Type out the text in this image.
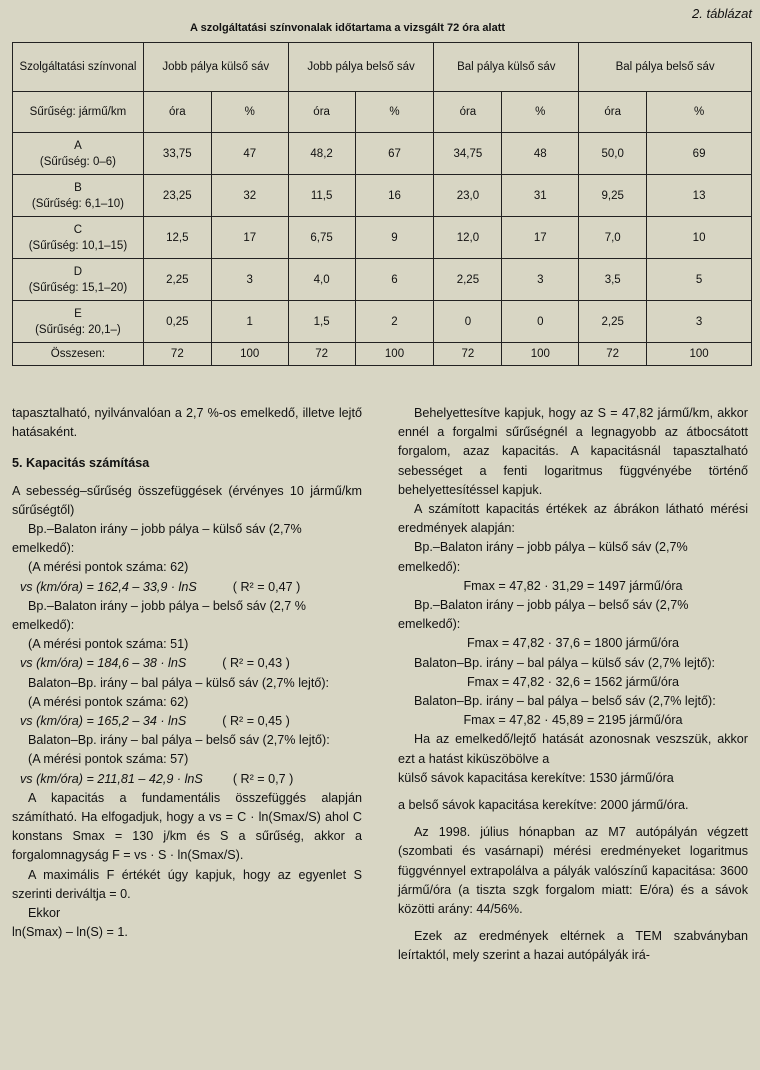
2. táblázat
A szolgáltatási színvonalak időtartama a vizsgált 72 óra alatt
Szolgáltatási színvonal	Jobb pálya külső sáv		Jobb pálya belső sáv		Bal pálya külső sáv		Bal pálya belső sáv	
Sűrűség: jármű/km	óra	%	óra	%	óra	%	óra	%

A
(Sűrűség: 0–6)	33,75	47	48,2	67	34,75	48	50,0	69

B
(Sűrűség: 6,1–10)	23,25	32	11,5	16	23,0	31	9,25	13

C
(Sűrűség: 10,1–15)	12,5	17	6,75	9	12,0	17	7,0	10

D
(Sűrűség: 15,1–20)	2,25	3	4,0	6	2,25	3	3,5	5

E
(Sűrűség: 20,1–)	0,25	1	1,5	2	0	0	2,25	3
Összesen:	72	100	72	100	72	100	72	100

tapasztalható, nyilvánvalóan a 2,7 %-os emelkedő, illetve lejtő hatásaként.

5. Kapacitás számítása

A sebesség–sűrűség összefüggések (érvényes 10 jármű/km sűrűségtől)

Bp.–Balaton irány – jobb pálya – külső sáv (2,7% emelkedő):

(A mérési pontok száma: 62)

vs (km/óra) = 162,4 – 33,9 · lnS	( R² = 0,47 )

Bp.–Balaton irány – jobb pálya – belső sáv (2,7 % emelkedő):

(A mérési pontok száma: 51)

vs (km/óra) = 184,6 – 38 · lnS	( R² = 0,43 )

Balaton–Bp. irány – bal pálya – külső sáv (2,7% lejtő):

(A mérési pontok száma: 62)

vs (km/óra) = 165,2 – 34 · lnS	( R² = 0,45 )

Balaton–Bp. irány – bal pálya – belső sáv (2,7% lejtő):

(A mérési pontok száma: 57)

vs (km/óra) = 211,81 – 42,9 · lnS ( R² = 0,7 )

A kapacitás a fundamentális összefüggés alapján számítható. Ha elfogadjuk, hogy a vs = C · ln(Smax/S) ahol C konstans Smax = 130 j/km és S a sűrűség, akkor a forgalomnagyság F = vs · S · ln(Smax/S).

A maximális F értékét úgy kapjuk, hogy az egyenlet S szerinti deriváltja = 0.

Ekkor

ln(Smax) – ln(S) = 1.

Behelyettesítve kapjuk, hogy az S = 47,82 jármű/km, akkor ennél a forgalmi sűrűségnél a legnagyobb az átbocsátott forgalom, azaz kapacitás. A kapacitásnál tapasztalható sebességet a fenti logaritmus függvényébe történő behelyettesítéssel kapjuk.

A számított kapacitás értékek az ábrákon látható mérési eredmények alapján:

Bp.–Balaton irány – jobb pálya – külső sáv (2,7% emelkedő):

Fmax = 47,82 · 31,29 = 1497 jármű/óra

Bp.–Balaton irány – jobb pálya – belső sáv (2,7% emelkedő):

Fmax = 47,82 · 37,6 = 1800 jármű/óra

Balaton–Bp. irány – bal pálya – külső sáv (2,7% lejtő):

Fmax = 47,82 · 32,6 = 1562 jármű/óra

Balaton–Bp. irány – bal pálya – belső sáv (2,7% lejtő):

Fmax = 47,82 · 45,89 = 2195 jármű/óra

Ha az emelkedő/lejtő hatását azonosnak veszszük, akkor ezt a hatást kiküszöbölve a

külső sávok kapacitása kerekítve: 1530 jármű/óra

a belső sávok kapacitása kerekítve: 2000 jármű/óra.

Az 1998. július hónapban az M7 autópályán végzett (szombati és vasárnapi) mérési eredményeket logaritmus függvénnyel extrapolálva a pályák valószínű kapacitása: 3600 jármű/óra (a tiszta szgk forgalom miatt: E/óra) és a sávok közötti arány: 44/56%.

Ezek az eredmények eltérnek a TEM szabványban leírtaktól, mely szerint a hazai autópályák irá-
